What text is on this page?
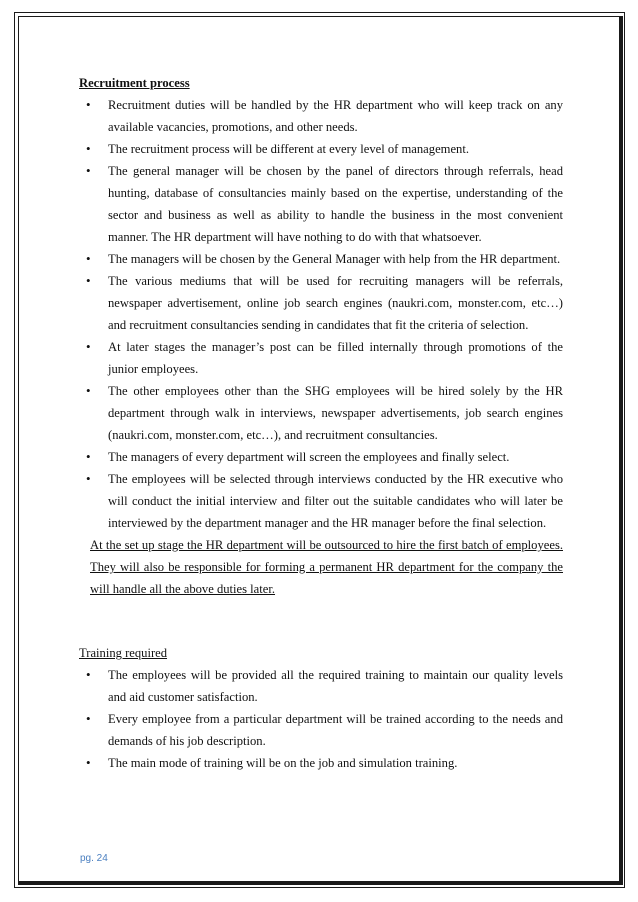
Recruitment process

• Recruitment duties will be handled by the HR department who will keep track on any available vacancies, promotions, and other needs.
• The recruitment process will be different at every level of management.
• The general manager will be chosen by the panel of directors through referrals, head hunting, database of consultancies mainly based on the expertise, understanding of the sector and business as well as ability to handle the business in the most convenient manner. The HR department will have nothing to do with that whatsoever.
• The managers will be chosen by the General Manager with help from the HR department.
• The various mediums that will be used for recruiting managers will be referrals, newspaper advertisement, online job search engines (naukri.com, monster.com, etc…) and recruitment consultancies sending in candidates that fit the criteria of selection.
• At later stages the manager’s post can be filled internally through promotions of the junior employees.
• The other employees other than the SHG employees will be hired solely by the HR department through walk in interviews, newspaper advertisements, job search engines (naukri.com, monster.com, etc…), and recruitment consultancies.
• The managers of every department will screen the employees and finally select.
• The employees will be selected through interviews conducted by the HR executive who will conduct the initial interview and filter out the suitable candidates who will later be interviewed by the department manager and the HR manager before the final selection.

At the set up stage the HR department will be outsourced to hire the first batch of employees. They will also be responsible for forming a permanent HR department for the company the will handle all the above duties later.

Training required

• The employees will be provided all the required training to maintain our quality levels and aid customer satisfaction.
• Every employee from a particular department will be trained according to the needs and demands of his job description.
• The main mode of training will be on the job and simulation training.
pg. 24
